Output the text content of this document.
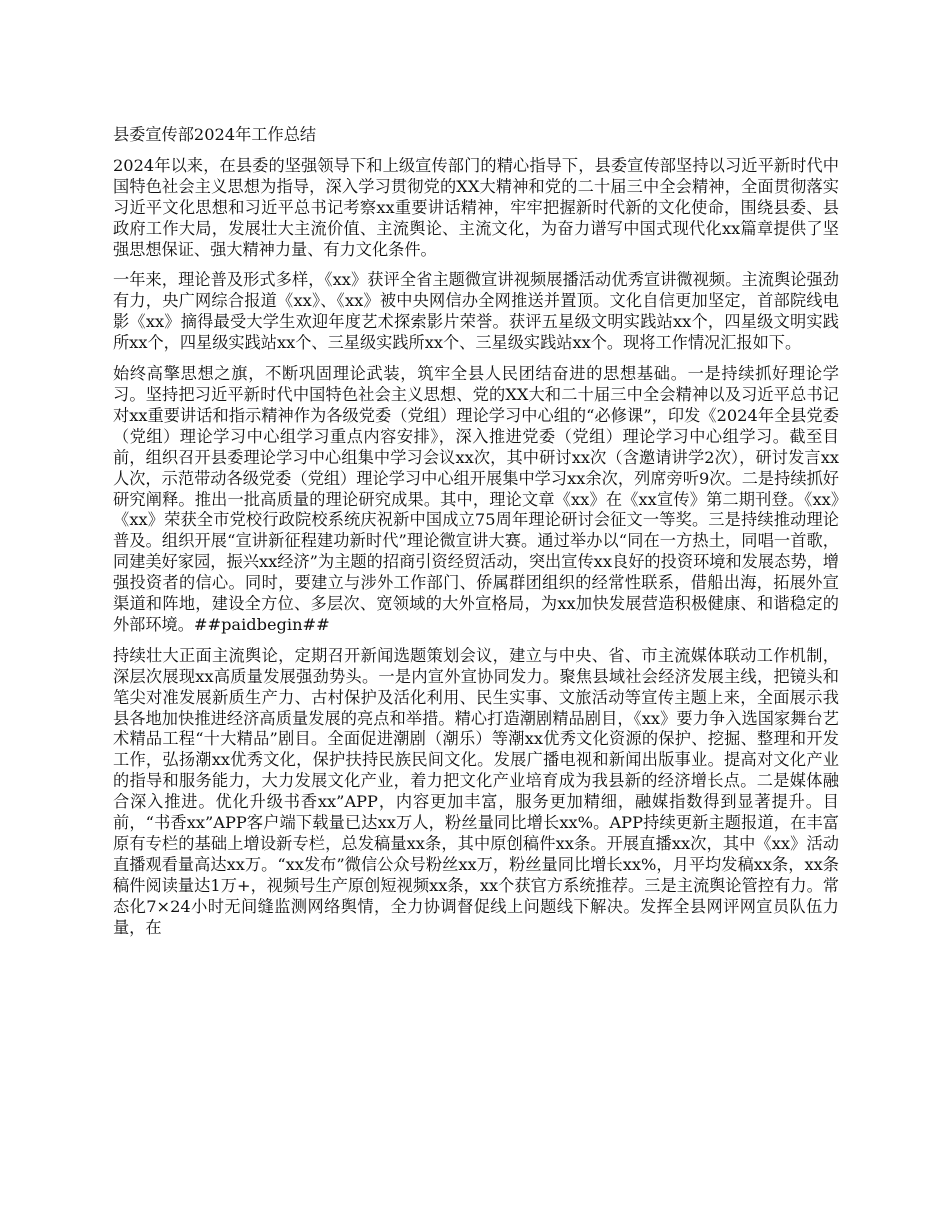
县委宣传部2024年工作总结

2024年以来，在县委的坚强领导下和上级宣传部门的精心指导下，县委宣传部坚持以习近平新时代中国特色社会主义思想为指导，深入学习贯彻党的XX大精神和党的二十届三中全会精神，全面贯彻落实习近平文化思想和习近平总书记考察xx重要讲话精神，牢牢把握新时代新的文化使命，围绕县委、县政府工作大局，发展壮大主流价值、主流舆论、主流文化，为奋力谱写中国式现代化xx篇章提供了坚强思想保证、强大精神力量、有力文化条件。

一年来，理论普及形式多样，《xx》获评全省主题微宣讲视频展播活动优秀宣讲微视频。主流舆论强劲有力，央广网综合报道《xx》、《xx》被中央网信办全网推送并置顶。文化自信更加坚定，首部院线电影《xx》摘得最受大学生欢迎年度艺术探索影片荣誉。获评五星级文明实践站xx个，四星级文明实践所xx个，四星级实践站xx个、三星级实践所xx个、三星级实践站xx个。现将工作情况汇报如下。

始终高擎思想之旗，不断巩固理论武装，筑牢全县人民团结奋进的思想基础。一是持续抓好理论学习。坚持把习近平新时代中国特色社会主义思想、党的XX大和二十届三中全会精神以及习近平总书记对xx重要讲话和指示精神作为各级党委（党组）理论学习中心组的“必修课”，印发《2024年全县党委（党组）理论学习中心组学习重点内容安排》，深入推进党委（党组）理论学习中心组学习。截至目前，组织召开县委理论学习中心组集中学习会议xx次，其中研讨xx次（含邀请讲学2次），研讨发言xx人次，示范带动各级党委（党组）理论学习中心组开展集中学习xx余次，列席旁听9次。二是持续抓好研究阐释。推出一批高质量的理论研究成果。其中，理论文章《xx》在《xx宣传》第二期刊登。《xx》《xx》荣获全市党校行政院校系统庆祝新中国成立75周年理论研讨会征文一等奖。三是持续推动理论普及。组织开展“宣讲新征程建功新时代”理论微宣讲大赛。通过举办以“同在一方热土，同唱一首歌，同建美好家园，振兴xx经济”为主题的招商引资经贸活动，突出宣传xx良好的投资环境和发展态势，增强投资者的信心。同时，要建立与涉外工作部门、侨属群团组织的经常性联系，借船出海，拓展外宣渠道和阵地，建设全方位、多层次、宽领域的大外宣格局，为xx加快发展营造积极健康、和谐稳定的外部环境。##paidbegin##

持续壮大正面主流舆论，定期召开新闻选题策划会议，建立与中央、省、市主流媒体联动工作机制，深层次展现xx高质量发展强劲势头。一是内宣外宣协同发力。聚焦县域社会经济发展主线，把镜头和笔尖对准发展新质生产力、古村保护及活化利用、民生实事、文旅活动等宣传主题上来，全面展示我县各地加快推进经济高质量发展的亮点和举措。精心打造潮剧精品剧目，《xx》要力争入选国家舞台艺术精品工程“十大精品”剧目。全面促进潮剧（潮乐）等潮xx优秀文化资源的保护、挖掘、整理和开发工作，弘扬潮xx优秀文化，保护扶持民族民间文化。发展广播电视和新闻出版事业。提高对文化产业的指导和服务能力，大力发展文化产业，着力把文化产业培育成为我县新的经济增长点。二是媒体融合深入推进。优化升级书香xx”APP，内容更加丰富，服务更加精细，融媒指数得到显著提升。目前，“书香xx”APP客户端下载量已达xx万人，粉丝量同比增长xx%。APP持续更新主题报道，在丰富原有专栏的基础上增设新专栏，总发稿量xx条，其中原创稿件xx条。开展直播xx次，其中《xx》活动直播观看量高达xx万。“xx发布”微信公众号粉丝xx万，粉丝量同比增长xx%，月平均发稿xx条，xx条稿件阅读量达1万+，视频号生产原创短视频xx条，xx个获官方系统推荐。三是主流舆论管控有力。常态化7×24小时无间缝监测网络舆情，全力协调督促线上问题线下解决。发挥全县网评网宣员队伍力量，在
